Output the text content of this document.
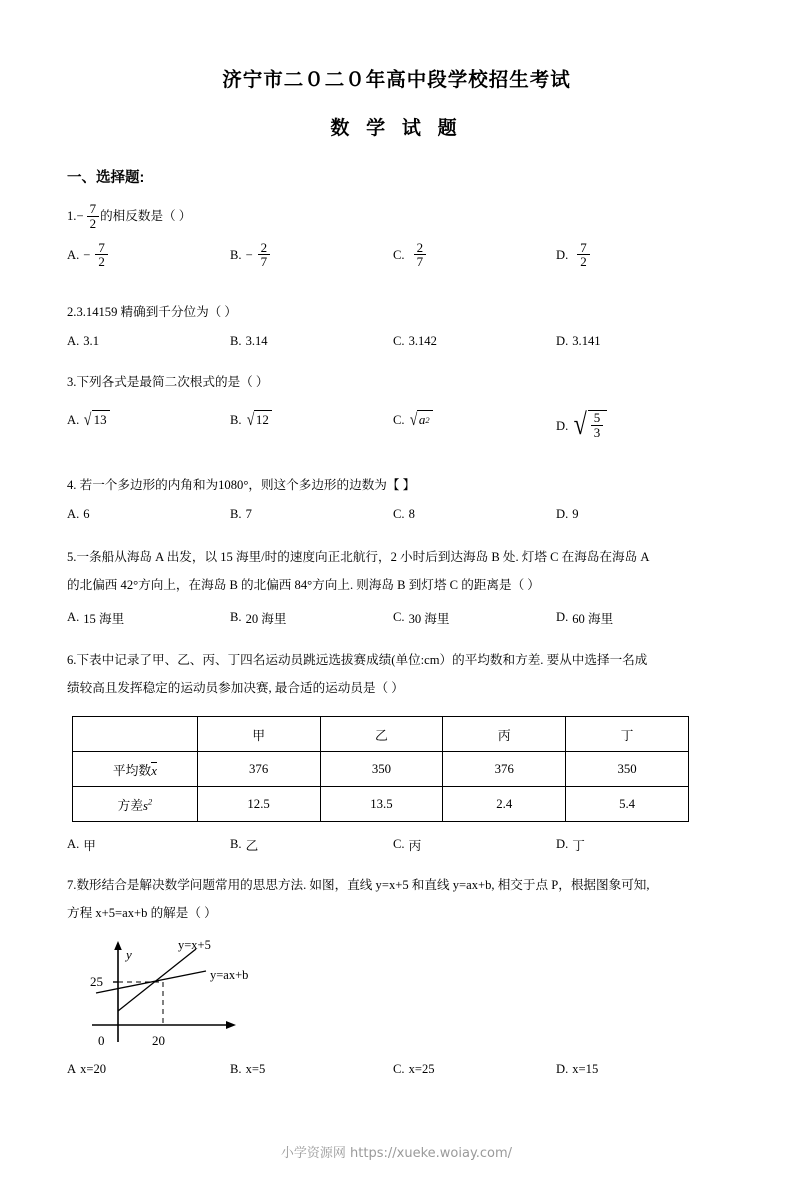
济宁市二０二０年高中段学校招生考试
数 学 试 题
一、选择题:
$1.- \frac{7}{2}$ 的相反数是（ ）
A. − $\frac{7}{2}$	B. − $\frac{2}{7}$	C. $\frac{2}{7}$	D. $\frac{7}{2}$
2.3.14159 精确到千分位为（ ）
A. 3.1	B. 3.14	C. 3.142	D. 3.141
3.下列各式是最简二次根式的是（ ）
A. √ 13	B. √ 12	C. √ a 2	D. √ $\frac{5}{3}$
4. 若一个多边形的内角和为1080°，则这个多边形的边数为【 】
A. 6	B. 7	C. 8	D. 9
5.一条船从海岛 A 出发，以 15 海里/时的速度向正北航行，2 小时后到达海岛 B 处. 灯塔 C 在海岛在海岛 A
的北偏西 42°方向上，在海岛 B 的北偏西 84°方向上. 则海岛 B 到灯塔 C 的距离是（ ）
A. 15 海里	B. 20 海里	C. 30 海里	D. 60 海里
6.下表中记录了甲、乙、丙、丁四名运动员跳远选拔赛成绩(单位:cm）的平均数和方差. 要从中选择一名成
绩较高且发挥稳定的运动员参加决赛, 最合适的运动员是（ ）
	甲	乙	丙	丁
平均数x	376	350	376	350
方差$s^2$	12.5	13.5	2.4	5.4
A. 甲	B. 乙	C. 丙	D. 丁
7.数形结合是解决数学问题常用的思思方法. 如图，直线 y=x+5 和直线 y=ax+b, 相交于点 P，根据图象可知,
方程 x+5=ax+b 的解是（ ）
y
25
0	20
y=x+5
y=ax+b
A x=20	B. x=5	C. x=25	D. x=15
小学资源网 https://xueke.woiay.com/
